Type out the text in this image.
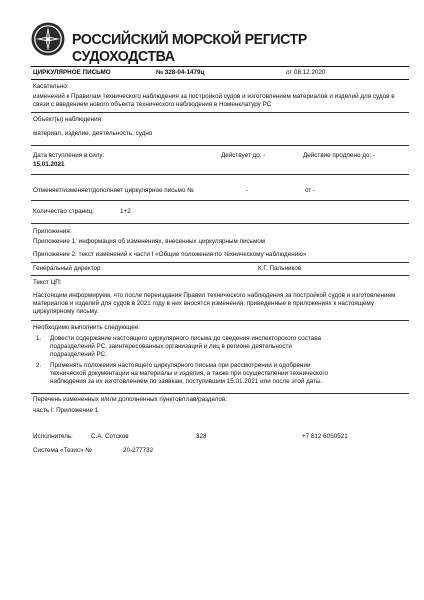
РОССИЙСКИЙ МОРСКОЙ РЕГИСТР СУДОХОДСТВА
ЦИРКУЛЯРНОЕ ПИСЬМО	№ 328-04-1479ц	от 08.12.2020
Касательно:
изменений к Правилам технического наблюдения за постройкой судов и изготовлением материалов и изделий для судов в связи с введением нового объекта технического наблюдения в Номенклатуру РС
Объект(ы) наблюдения:
материал, изделие, деятельность, судно
Дата вступления в силу:
15.01.2021
Действует до: -	Действие продлено до: -
Отменяет/изменяет/дополняет циркулярное письмо №	-	от -
Количество страниц:	1+2
Приложения:
Приложение 1: информация об изменениях, внесенных циркулярным письмом
Приложение 2: текст изменений к части I «Общие положения по техническому наблюдению»
Генеральный директор	К.Г. Пальников
Текст ЦП:
Настоящим информируем, что после переиздания Правил технического наблюдения за постройкой судов и изготовлением материалов и изделий для судов в 2021 году в них вносятся изменения, приведенные в приложениях к настоящему циркулярному письму.
Необходимо выполнить следующее:
1.	Довести содержание настоящего циркулярного письма до сведения инспекторского состава
подразделений РС, заинтересованных организаций и лиц в регионе деятельности
подразделений РС.
2.	Применять положения настоящего циркулярного письма при рассмотрении и одобрении
технической документации на материалы и изделия, а также при осуществлении технического
наблюдения за их изготовлением по заявкам, поступившим 15.01.2021 или после этой даты.
Перечень измененных и/или дополненных пунктов/глав/разделов:
часть I: Приложение 1
Исполнитель:	С.А. Сотсков	328	+7 812 6050521
Система «Тезис» №	20-277732
